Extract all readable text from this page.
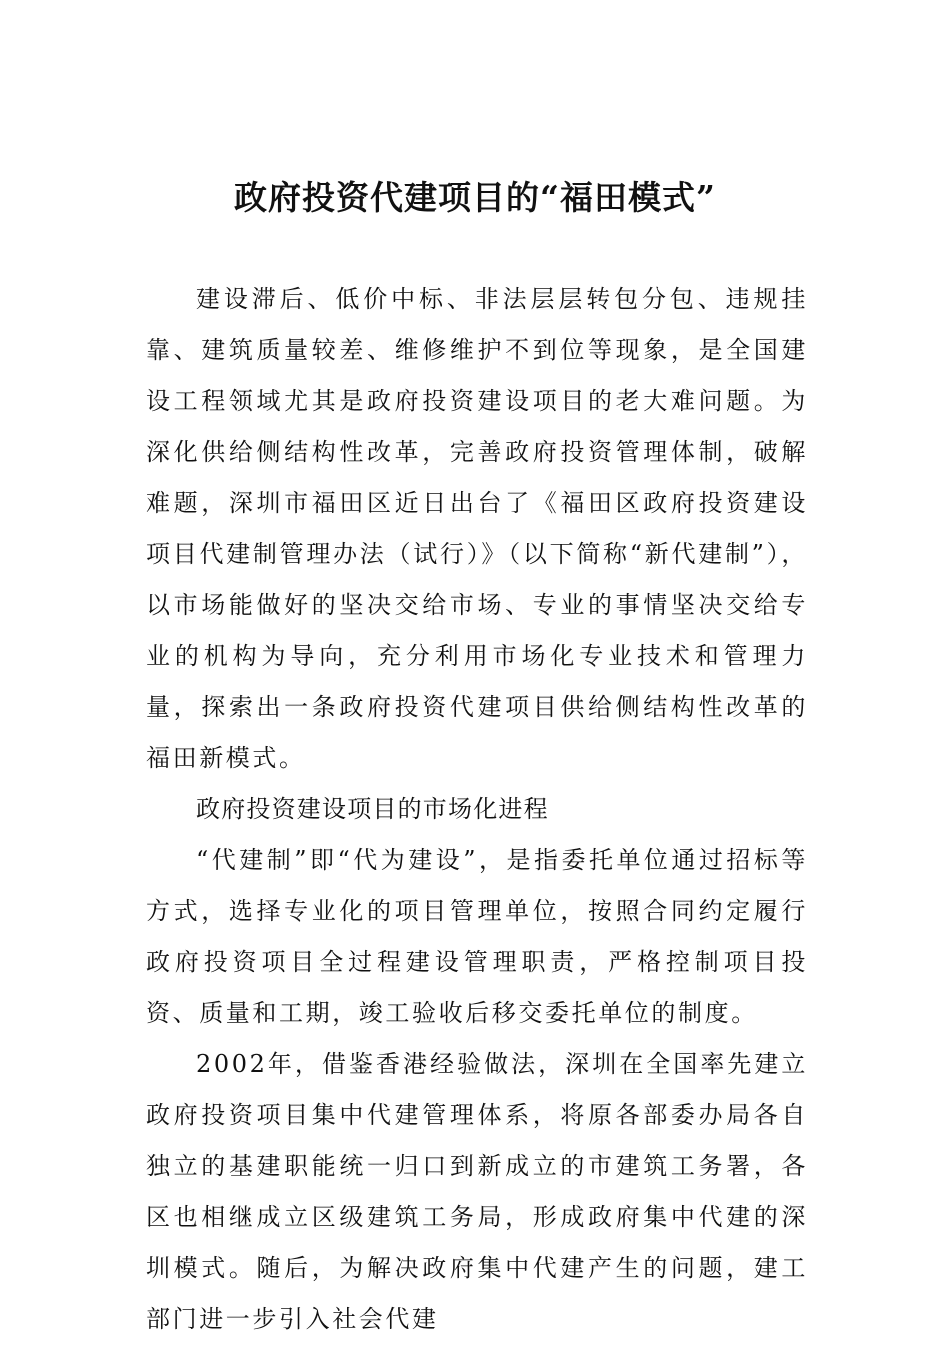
政府投资代建项目的“福田模式”

建设滞后、低价中标、非法层层转包分包、违规挂靠、建筑质量较差、维修维护不到位等现象，是全国建设工程领域尤其是政府投资建设项目的老大难问题。为深化供给侧结构性改革，完善政府投资管理体制，破解难题，深圳市福田区近日出台了《福田区政府投资建设项目代建制管理办法（试行）》（以下简称“新代建制”），以市场能做好的坚决交给市场、专业的事情坚决交给专业的机构为导向，充分利用市场化专业技术和管理力量，探索出一条政府投资代建项目供给侧结构性改革的福田新模式。

政府投资建设项目的市场化进程

“代建制”即“代为建设”，是指委托单位通过招标等方式，选择专业化的项目管理单位，按照合同约定履行政府投资项目全过程建设管理职责，严格控制项目投资、质量和工期，竣工验收后移交委托单位的制度。

2002年，借鉴香港经验做法，深圳在全国率先建立政府投资项目集中代建管理体系，将原各部委办局各自独立的基建职能统一归口到新成立的市建筑工务署，各区也相继成立区级建筑工务局，形成政府集中代建的深圳模式。随后，为解决政府集中代建产生的问题，建工部门进一步引入社会代建
